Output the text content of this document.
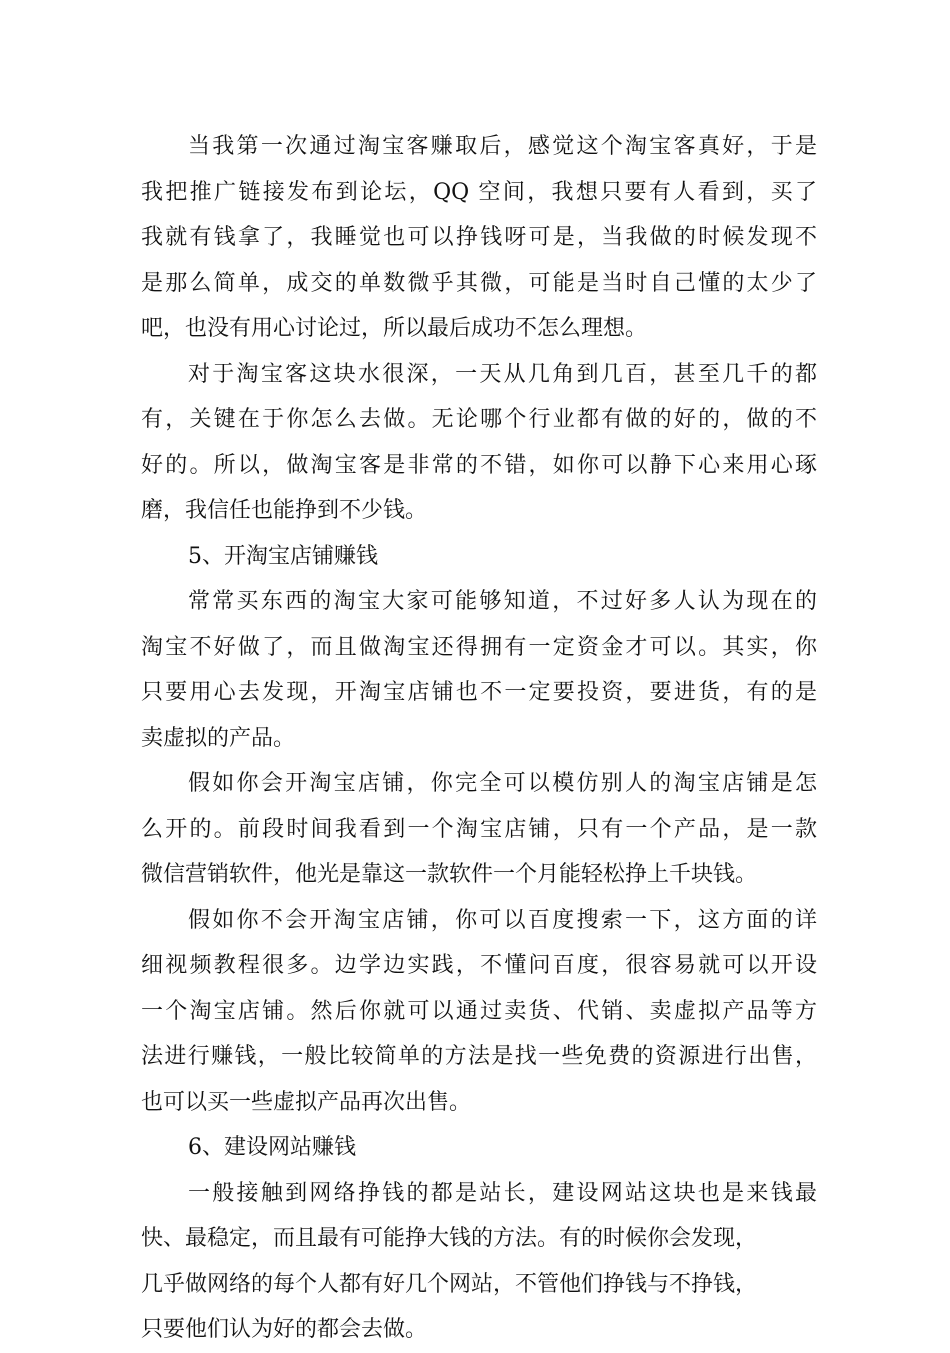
当我第一次通过淘宝客赚取后，感觉这个淘宝客真好，于是
我把推广链接发布到论坛，QQ 空间，我想只要有人看到，买了
我就有钱拿了，我睡觉也可以挣钱呀可是，当我做的时候发现不
是那么简单，成交的单数微乎其微，可能是当时自己懂的太少了
吧，也没有用心讨论过，所以最后成功不怎么理想。
对于淘宝客这块水很深，一天从几角到几百，甚至几千的都
有，关键在于你怎么去做。无论哪个行业都有做的好的，做的不
好的。所以，做淘宝客是非常的不错，如你可以静下心来用心琢
磨，我信任也能挣到不少钱。
5、开淘宝店铺赚钱
常常买东西的淘宝大家可能够知道，不过好多人认为现在的
淘宝不好做了，而且做淘宝还得拥有一定资金才可以。其实，你
只要用心去发现，开淘宝店铺也不一定要投资，要进货，有的是
卖虚拟的产品。
假如你会开淘宝店铺，你完全可以模仿别人的淘宝店铺是怎
么开的。前段时间我看到一个淘宝店铺，只有一个产品，是一款
微信营销软件，他光是靠这一款软件一个月能轻松挣上千块钱。
假如你不会开淘宝店铺，你可以百度搜索一下，这方面的详
细视频教程很多。边学边实践，不懂问百度，很容易就可以开设
一个淘宝店铺。然后你就可以通过卖货、代销、卖虚拟产品等方
法进行赚钱，一般比较简单的方法是找一些免费的资源进行出售，
也可以买一些虚拟产品再次出售。
6、建设网站赚钱
一般接触到网络挣钱的都是站长，建设网站这块也是来钱最
快、最稳定，而且最有可能挣大钱的方法。有的时候你会发现，
几乎做网络的每个人都有好几个网站，不管他们挣钱与不挣钱，
只要他们认为好的都会去做。
